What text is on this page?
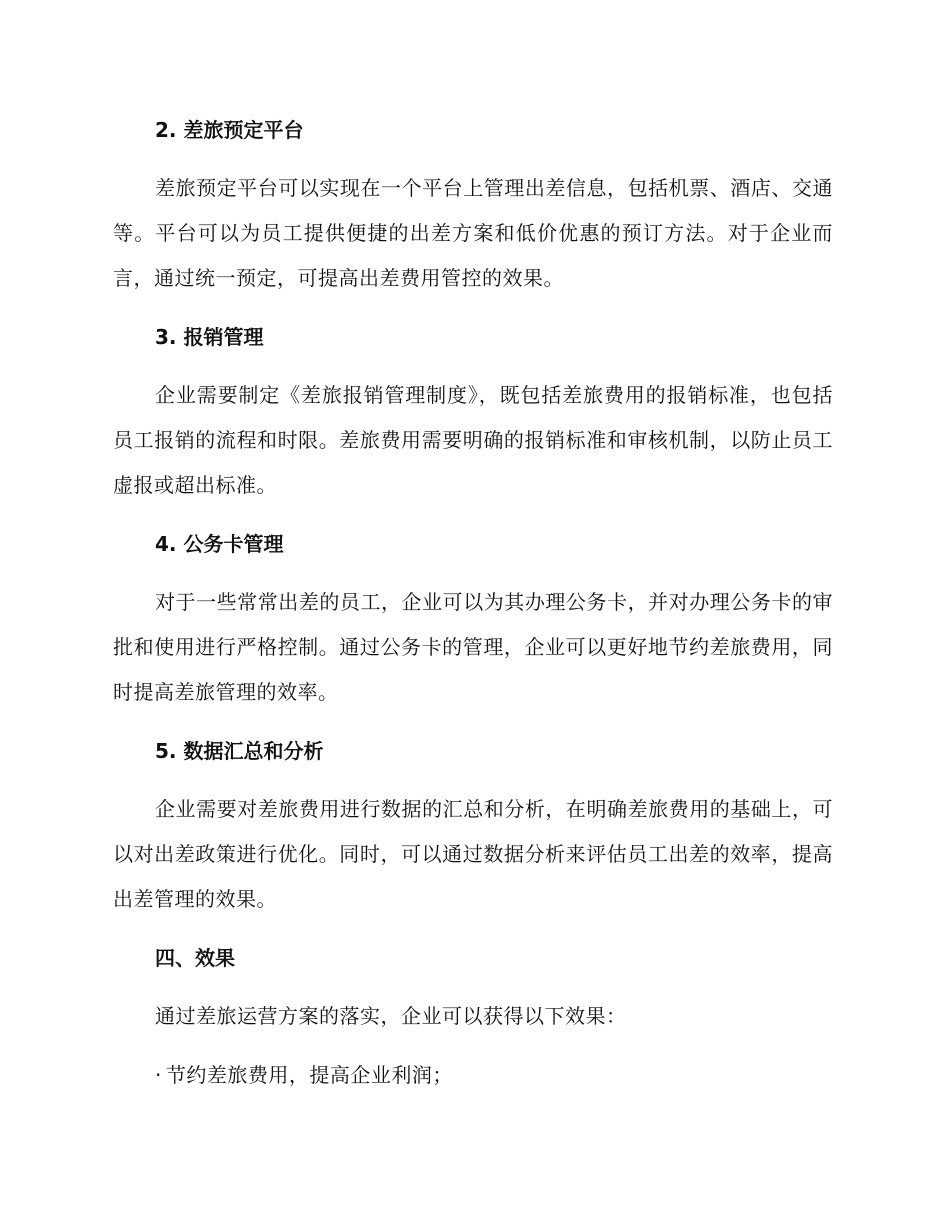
2. 差旅预定平台

差旅预定平台可以实现在一个平台上管理出差信息，包括机票、酒店、交通等。平台可以为员工提供便捷的出差方案和低价优惠的预订方法。对于企业而言，通过统一预定，可提高出差费用管控的效果。

3. 报销管理

企业需要制定《差旅报销管理制度》，既包括差旅费用的报销标准，也包括员工报销的流程和时限。差旅费用需要明确的报销标准和审核机制，以防止员工虚报或超出标准。

4. 公务卡管理

对于一些常常出差的员工，企业可以为其办理公务卡，并对办理公务卡的审批和使用进行严格控制。通过公务卡的管理，企业可以更好地节约差旅费用，同时提高差旅管理的效率。

5. 数据汇总和分析

企业需要对差旅费用进行数据的汇总和分析，在明确差旅费用的基础上，可以对出差政策进行优化。同时，可以通过数据分析来评估员工出差的效率，提高出差管理的效果。

四、效果

通过差旅运营方案的落实，企业可以获得以下效果：

· 节约差旅费用，提高企业利润；
